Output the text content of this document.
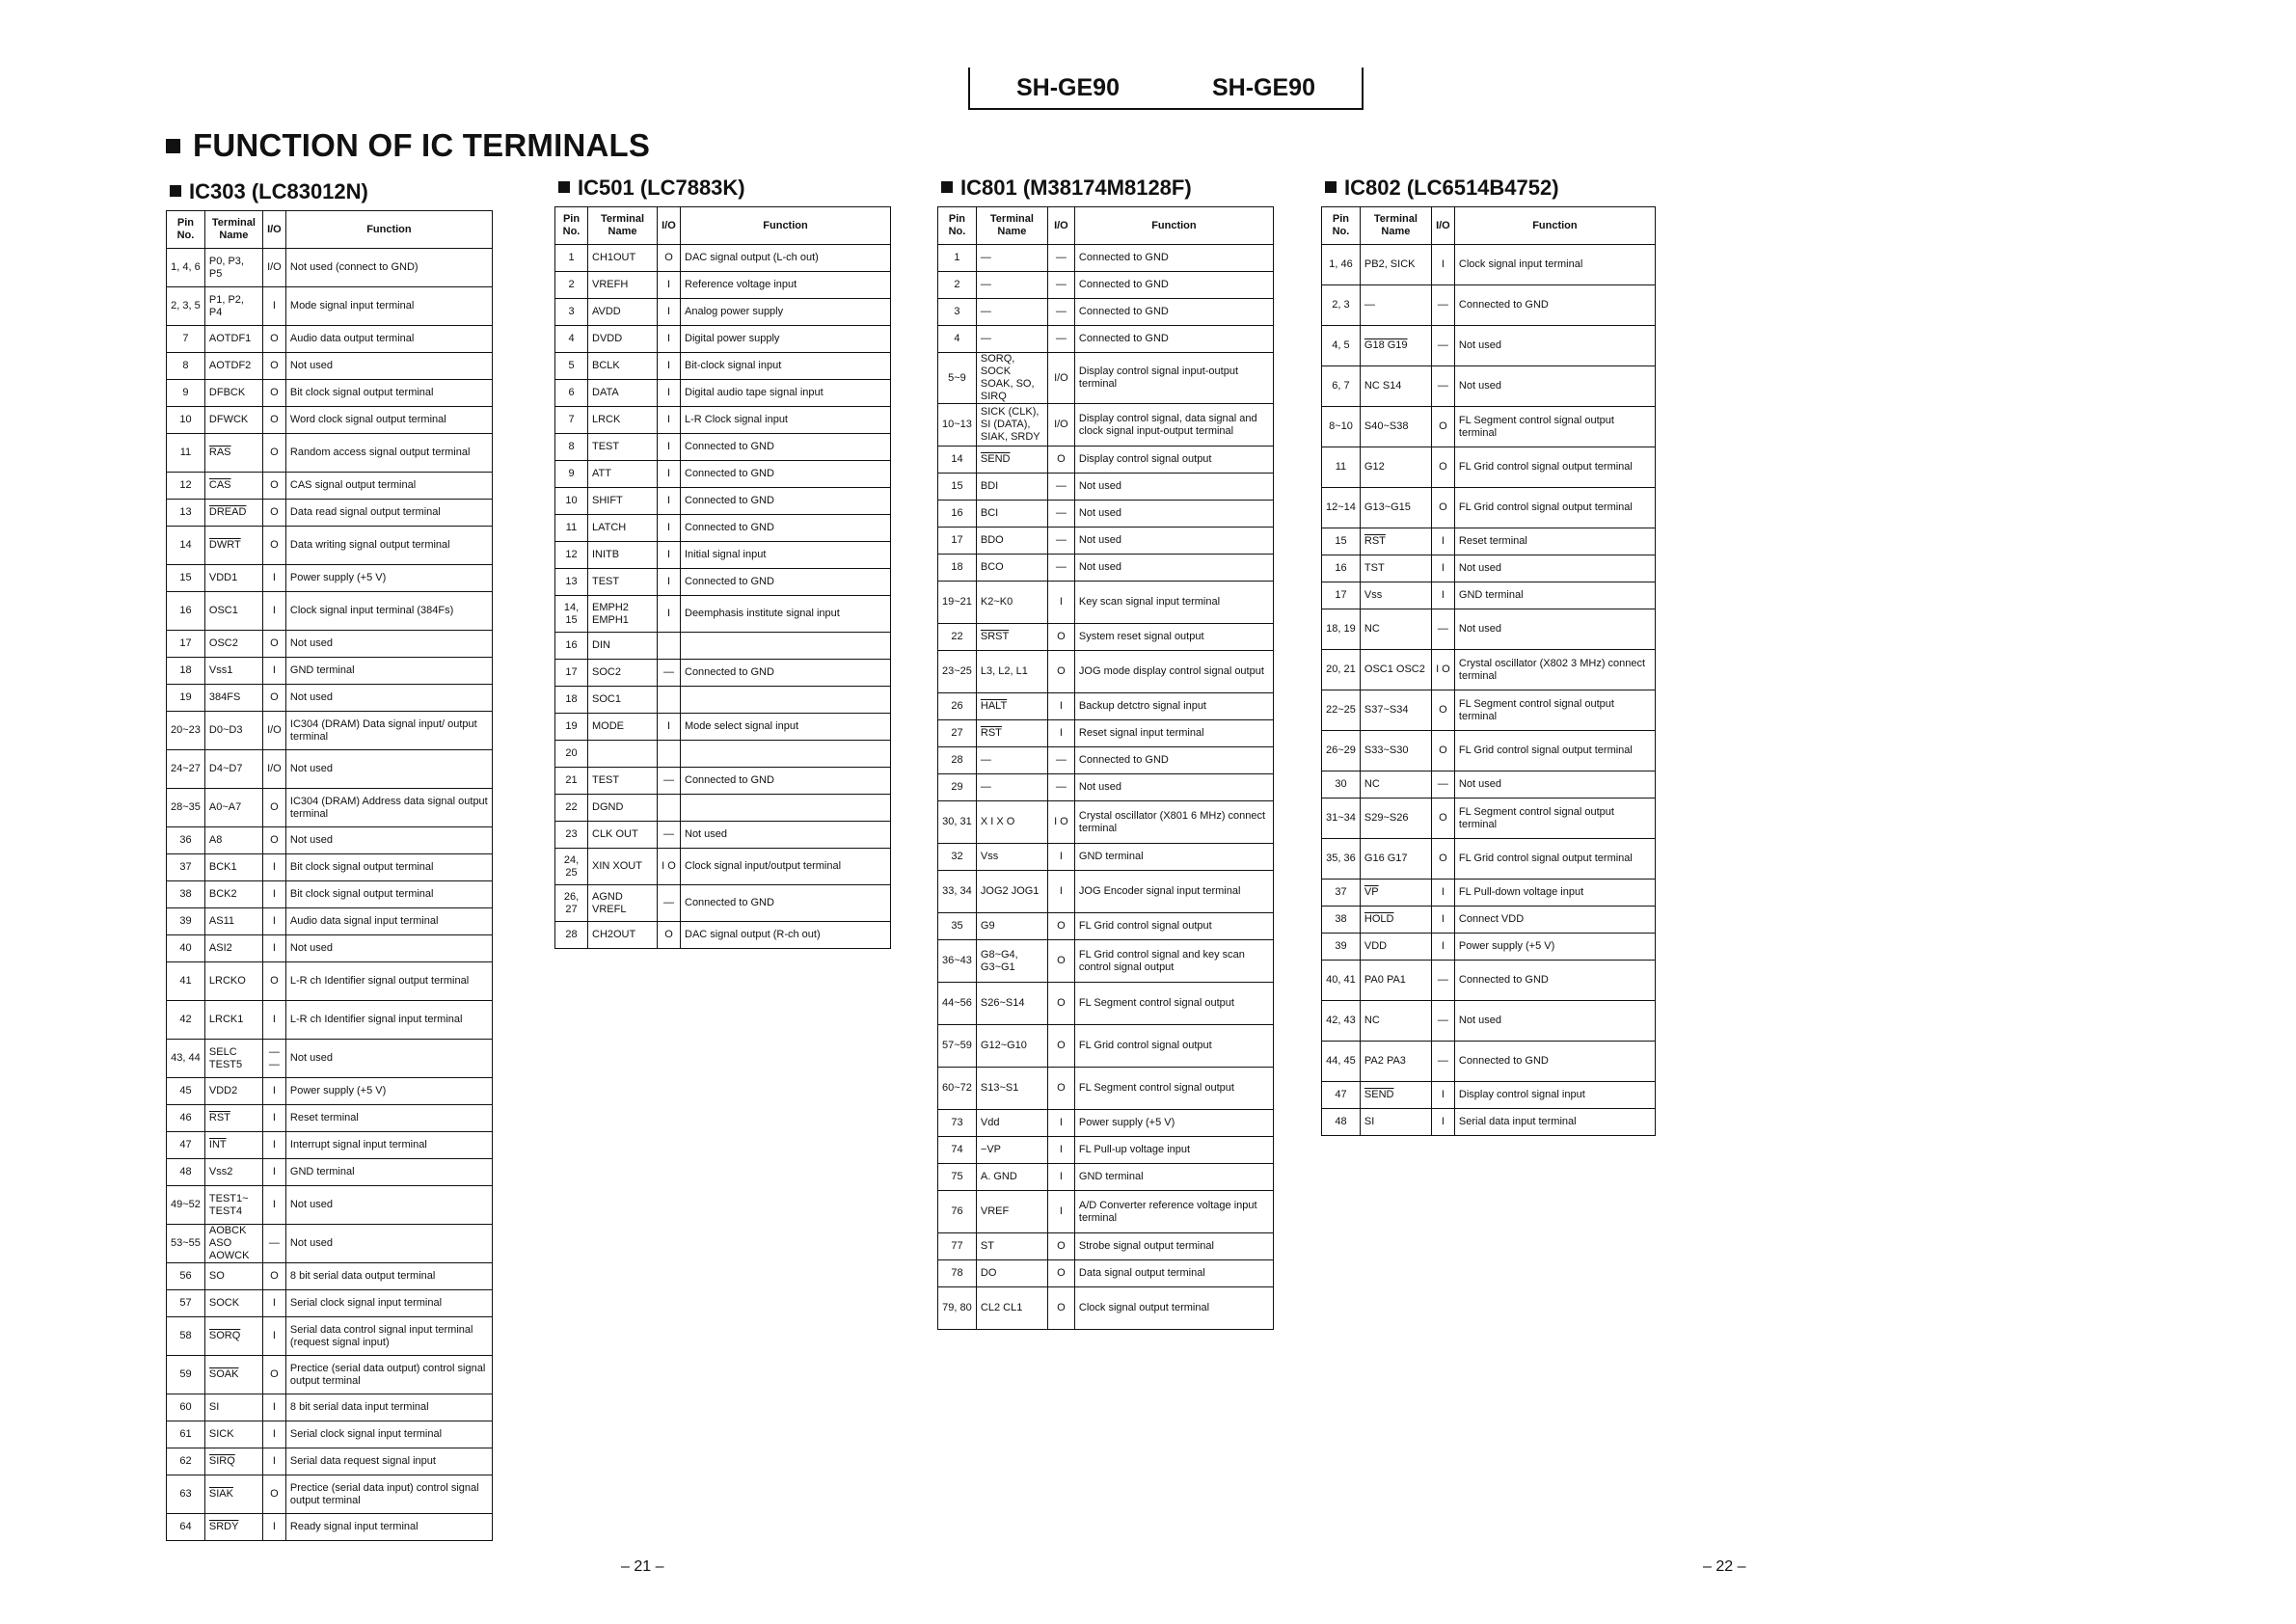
SH-GE90	SH-GE90
FUNCTION OF IC TERMINALS
IC303 (LC83012N)
Pin No.	Terminal Name	I/O	Function
1, 4, 6	P0, P3, P5	I/O	Not used (connect to GND)
2, 3, 5	P1, P2, P4	I	Mode signal input terminal
7	AOTDF1	O	Audio data output terminal
8	AOTDF2	O	Not used
9	DFBCK	O	Bit clock signal output terminal
10	DFWCK	O	Word clock signal output terminal
11	$\overline{RAS}$	O	Random access signal output terminal
12	$\overline{CAS}$	O	CAS signal output terminal
13	DREAD	O	Data read signal output terminal
14	DWRT	O	Data writing signal output terminal
15	VDD1	I	Power supply (+5 V)
16	OSC1	I	Clock signal input terminal (384Fs)
17	OSC2	O	Not used
18	Vss1	I	GND terminal
19	384FS	O	Not used
20~23	D0~D3	I/O	IC304 (DRAM) Data signal input/ output terminal
24~27	D4~D7	I/O	Not used
28~35	A0~A7	O	IC304 (DRAM) Address data signal output terminal
36	A8	O	Not used
37	BCK1	I	Bit clock signal output terminal
38	BCK2	I	Bit clock signal output terminal
39	AS11	I	Audio data signal input terminal
40	ASI2	I	Not used
41	LRCKO	O	L-R ch Identifier signal output terminal
42	LRCK1	I	L-R ch Identifier signal input terminal
43, 44	SELC TEST5	— —	Not used
45	VDD2	I	Power supply (+5 V)
46	$\overline{RST}$	I	Reset terminal
47	$\overline{INT}$	I	Interrupt signal input terminal
48	Vss2	I	GND terminal
49~52	TEST1~ TEST4	I	Not used
53~55	AOBCK ASO AOWCK	—	Not used
56	SO	O	8 bit serial data output terminal
57	SOCK	I	Serial clock signal input terminal
58	SORQ	I	Serial data control signal input terminal (request signal input)
59	SOAK	O	Prectice (serial data output) control signal output terminal
60	SI	I	8 bit serial data input terminal
61	SICK	I	Serial clock signal input terminal
62	SIRQ	I	Serial data request signal input
63	SIAK	O	Prectice (serial data input) control signal output terminal
64	SRDY	I	Ready signal input terminal
IC501 (LC7883K)
Pin No.	Terminal Name	I/O	Function
1	CH1OUT	O	DAC signal output (L-ch out)
2	VREFH	I	Reference voltage input
3	AVDD	I	Analog power supply
4	DVDD	I	Digital power supply
5	BCLK	I	Bit-clock signal input
6	DATA	I	Digital audio tape signal input
7	LRCK	I	L-R Clock signal input
8	TEST	I	Connected to GND
9	ATT	I	Connected to GND
10	SHIFT	I	Connected to GND
11	LATCH	I	Connected to GND
12	INITB	I	Initial signal input
13	TEST	I	Connected to GND
14, 15	EMPH2 EMPH1	I	Deemphasis institute signal input
16	DIN		
17	SOC2	—	Connected to GND
18	SOC1		
19	MODE	I	Mode select signal input
20			
21	TEST	—	Connected to GND
22	DGND		
23	CLK OUT	—	Not used
24, 25	XIN XOUT	I O	Clock signal input/output terminal
26, 27	AGND VREFL	—	Connected to GND
28	CH2OUT	O	DAC signal output (R-ch out)
IC801 (M38174M8128F)
Pin No.	Terminal Name	I/O	Function
1	—	—	Connected to GND
2	—	—	Connected to GND
3	—	—	Connected to GND
4	—	—	Connected to GND
5~9	SORQ, SOCK SOAK, SO, SIRQ	I/O	Display control signal input-output terminal
10~13	SICK (CLK), SI (DATA), SIAK, SRDY	I/O	Display control signal, data signal and clock signal input-output terminal
14	SEND	O	Display control signal output
15	BDI	—	Not used
16	BCI	—	Not used
17	BDO	—	Not used
18	BCO	—	Not used
19~21	K2~K0	I	Key scan signal input terminal
22	SRST	O	System reset signal output
23~25	L3, L2, L1	O	JOG mode display control signal output
26	HALT	I	Backup detctro signal input
27	$\overline{RST}$	I	Reset signal input terminal
28	—	—	Connected to GND
29	—	—	Not used
30, 31	X I X O	I O	Crystal oscillator (X801 6 MHz) connect terminal
32	Vss	I	GND terminal
33, 34	JOG2 JOG1	I	JOG Encoder signal input terminal
35	G9	O	FL Grid control signal output
36~43	G8~G4, G3~G1	O	FL Grid control signal and key scan control signal output
44~56	S26~S14	O	FL Segment control signal output
57~59	G12~G10	O	FL Grid control signal output
60~72	S13~S1	O	FL Segment control signal output
73	Vdd	I	Power supply (+5 V)
74	−VP	I	FL Pull-up voltage input
75	A. GND	I	GND terminal
76	VREF	I	A/D Converter reference voltage input terminal
77	ST	O	Strobe signal output terminal
78	DO	O	Data signal output terminal
79, 80	CL2 CL1	O	Clock signal output terminal
IC802 (LC6514B4752)
Pin No.	Terminal Name	I/O	Function
1, 46	PB2, SICK	I	Clock signal input terminal
2, 3	—	—	Connected to GND
4, 5	G18 G19	—	Not used
6, 7	NC S14	—	Not used
8~10	S40~S38	O	FL Segment control signal output terminal
11	G12	O	FL Grid control signal output terminal
12~14	G13~G15	O	FL Grid control signal output terminal
15	$\overline{RST}$	I	Reset terminal
16	TST	I	Not used
17	Vss	I	GND terminal
18, 19	NC	—	Not used
20, 21	OSC1 OSC2	I O	Crystal oscillator (X802 3 MHz) connect terminal
22~25	S37~S34	O	FL Segment control signal output terminal
26~29	S33~S30	O	FL Grid control signal output terminal
30	NC	—	Not used
31~34	S29~S26	O	FL Segment control signal output terminal
35, 36	G16 G17	O	FL Grid control signal output terminal
37	$\overline{VP}$	I	FL Pull-down voltage input
38	HOLD	I	Connect VDD
39	VDD	I	Power supply (+5 V)
40, 41	PA0 PA1	—	Connected to GND
42, 43	NC	—	Not used
44, 45	PA2 PA3	—	Connected to GND
47	SEND	I	Display control signal input
48	SI	I	Serial data input terminal
– 21 –	– 22 –
